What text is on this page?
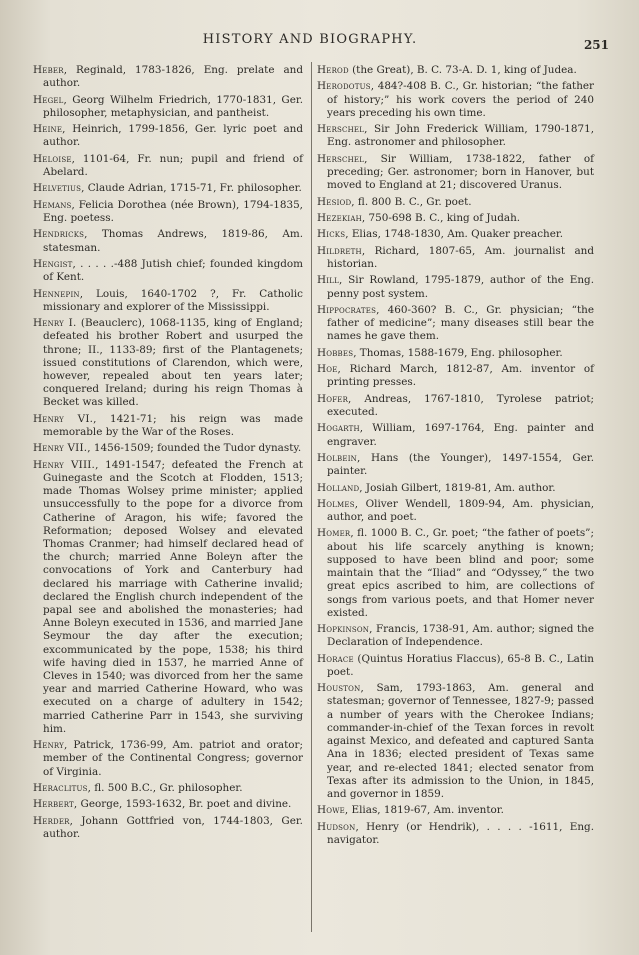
HISTORY AND BIOGRAPHY.	251

Heber, Reginald, 1783-1826, Eng. prelate and author.

Hegel, Georg Wilhelm Friedrich, 1770-1831, Ger. philosopher, metaphysician, and pantheist.

Heine, Heinrich, 1799-1856, Ger. lyric poet and author.

Heloise, 1101-64, Fr. nun; pupil and friend of Abelard.

Helvetius, Claude Adrian, 1715-71, Fr. philosopher.

Hemans, Felicia Dorothea (née Brown), 1794-1835, Eng. poetess.

Hendricks, Thomas Andrews, 1819-86, Am. statesman.

Hengist, . . . . .-488 Jutish chief; founded kingdom of Kent.

Hennepin, Louis, 1640-1702 ?, Fr. Catholic missionary and explorer of the Mississippi.

Henry I. (Beauclerc), 1068-1135, king of England; defeated his brother Robert and usurped the throne; II., 1133-89; first of the Plantagenets; issued constitutions of Clarendon, which were, however, repealed about ten years later; conquered Ireland; during his reign Thomas à Becket was killed.

Henry VI., 1421-71; his reign was made memorable by the War of the Roses.

Henry VII., 1456-1509; founded the Tudor dynasty.

Henry VIII., 1491-1547; defeated the French at Guinegaste and the Scotch at Flodden, 1513; made Thomas Wolsey prime minister; applied unsuccessfully to the pope for a divorce from Catherine of Aragon, his wife; favored the Reformation; deposed Wolsey and elevated Thomas Cranmer; had himself declared head of the church; married Anne Boleyn after the convocations of York and Canterbury had declared his marriage with Catherine invalid; declared the English church independent of the papal see and abolished the monasteries; had Anne Boleyn executed in 1536, and married Jane Seymour the day after the execution; excommunicated by the pope, 1538; his third wife having died in 1537, he married Anne of Cleves in 1540; was divorced from her the same year and married Catherine Howard, who was executed on a charge of adultery in 1542; married Catherine Parr in 1543, she surviving him.

Henry, Patrick, 1736-99, Am. patriot and orator; member of the Continental Congress; governor of Virginia.

Heraclitus, fl. 500 B.C., Gr. philosopher.

Herbert, George, 1593-1632, Br. poet and divine.

Herder, Johann Gottfried von, 1744-1803, Ger. author.

Herod (the Great), B. C. 73-A. D. 1, king of Judea.

Herodotus, 484?-408 B. C., Gr. historian; “the father of history;” his work covers the period of 240 years preceding his own time.

Herschel, Sir John Frederick William, 1790-1871, Eng. astronomer and philosopher.

Herschel, Sir William, 1738-1822, father of preceding; Ger. astronomer; born in Hanover, but moved to England at 21; discovered Uranus.

Hesiod, fl. 800 B. C., Gr. poet.

Hezekiah, 750-698 B. C., king of Judah.

Hicks, Elias, 1748-1830, Am. Quaker preacher.

Hildreth, Richard, 1807-65, Am. journalist and historian.

Hill, Sir Rowland, 1795-1879, author of the Eng. penny post system.

Hippocrates, 460-360? B. C., Gr. physician; “the father of medicine”; many diseases still bear the names he gave them.

Hobbes, Thomas, 1588-1679, Eng. philosopher.

Hoe, Richard March, 1812-87, Am. inventor of printing presses.

Hofer, Andreas, 1767-1810, Tyrolese patriot; executed.

Hogarth, William, 1697-1764, Eng. painter and engraver.

Holbein, Hans (the Younger), 1497-1554, Ger. painter.

Holland, Josiah Gilbert, 1819-81, Am. author.

Holmes, Oliver Wendell, 1809-94, Am. physician, author, and poet.

Homer, fl. 1000 B. C., Gr. poet; “the father of poets”; about his life scarcely anything is known; supposed to have been blind and poor; some maintain that the “Iliad” and “Odyssey,” the two great epics ascribed to him, are collections of songs from various poets, and that Homer never existed.

Hopkinson, Francis, 1738-91, Am. author; signed the Declaration of Independence.

Horace (Quintus Horatius Flaccus), 65-8 B. C., Latin poet.

Houston, Sam, 1793-1863, Am. general and statesman; governor of Tennessee, 1827-9; passed a number of years with the Cherokee Indians; commander-in-chief of the Texan forces in revolt against Mexico, and defeated and captured Santa Ana in 1836; elected president of Texas same year, and re-elected 1841; elected senator from Texas after its admission to the Union, in 1845, and governor in 1859.

Howe, Elias, 1819-67, Am. inventor.

Hudson, Henry (or Hendrik), . . . . -1611, Eng. navigator.
